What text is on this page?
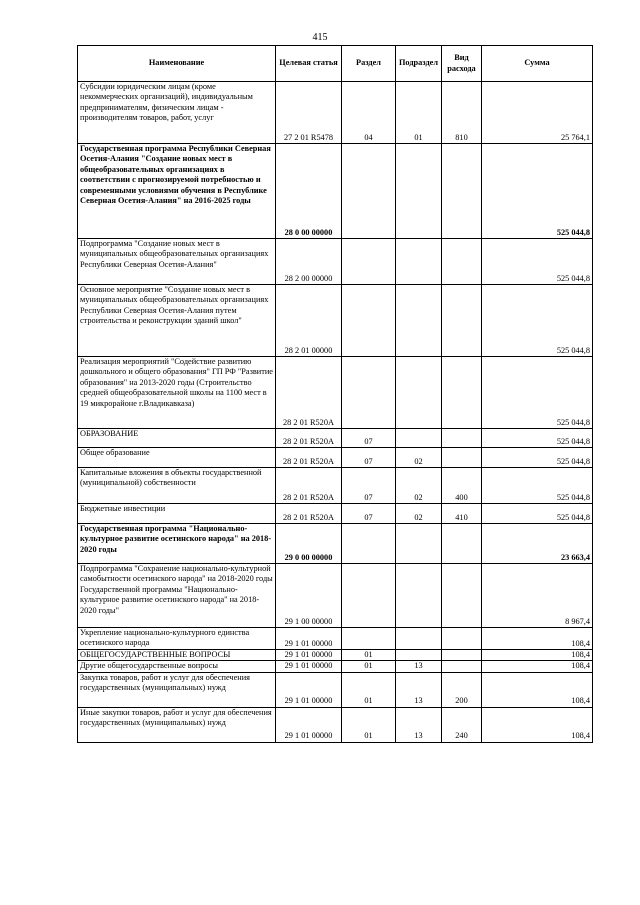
415
Наименование	Целевая статья	Раздел	Подраздел	Вид расхода	Сумма
Субсидии юридическим лицам (кроме некоммерческих организаций), индивидуальным предпринимателям, физическим лицам - производителям товаров, работ, услуг	27 2 01 R5478	04	01	810	25 764,1
Государственная программа Республики Северная Осетия-Алания "Создание новых мест в общеобразовательных организациях в соответствии с прогнозируемой потребностью и современными условиями обучения в Республике Северная Осетия-Алания" на 2016-2025 годы	28 0 00 00000				525 044,8
Подпрограмма "Создание новых мест в муниципальных общеобразовательных организациях Республики Северная Осетия-Алания"	28 2 00 00000				525 044,8
Основное мероприятие "Создание новых мест в муниципальных общеобразовательных организациях Республики Северная Осетия-Алания путем строительства и реконструкции зданий школ"	28 2 01 00000				525 044,8
Реализация мероприятий "Содействие развитию дошкольного и общего образования" ГП РФ "Развитие образования" на 2013-2020 годы (Строительство средней общеобразовательной школы на 1100 мест в 19 микрорайоне г.Владикавказа)	28 2 01 R520A				525 044,8
ОБРАЗОВАНИЕ	28 2 01 R520A	07			525 044,8
Общее образование	28 2 01 R520A	07	02		525 044,8
Капитальные вложения в объекты государственной (муниципальной) собственности	28 2 01 R520A	07	02	400	525 044,8
Бюджетные инвестиции	28 2 01 R520A	07	02	410	525 044,8
Государственная программа "Национально-культурное развитие осетинского народа" на 2018-2020 годы	29 0 00 00000				23 663,4
Подпрограмма "Сохранение национально-культурной самобытности осетинского народа" на 2018-2020 годы Государственной программы "Национально-культурное развитие осетинского народа" на 2018-2020 годы"	29 1 00 00000				8 967,4
Укрепление национально-культурного единства осетинского народа	29 1 01 00000				108,4
ОБЩЕГОСУДАРСТВЕННЫЕ ВОПРОСЫ	29 1 01 00000	01			108,4
Другие общегосударственные вопросы	29 1 01 00000	01	13		108,4
Закупка товаров, работ и услуг для обеспечения государственных (муниципальных) нужд	29 1 01 00000	01	13	200	108,4
Иные закупки товаров, работ и услуг для обеспечения государственных (муниципальных) нужд	29 1 01 00000	01	13	240	108,4
